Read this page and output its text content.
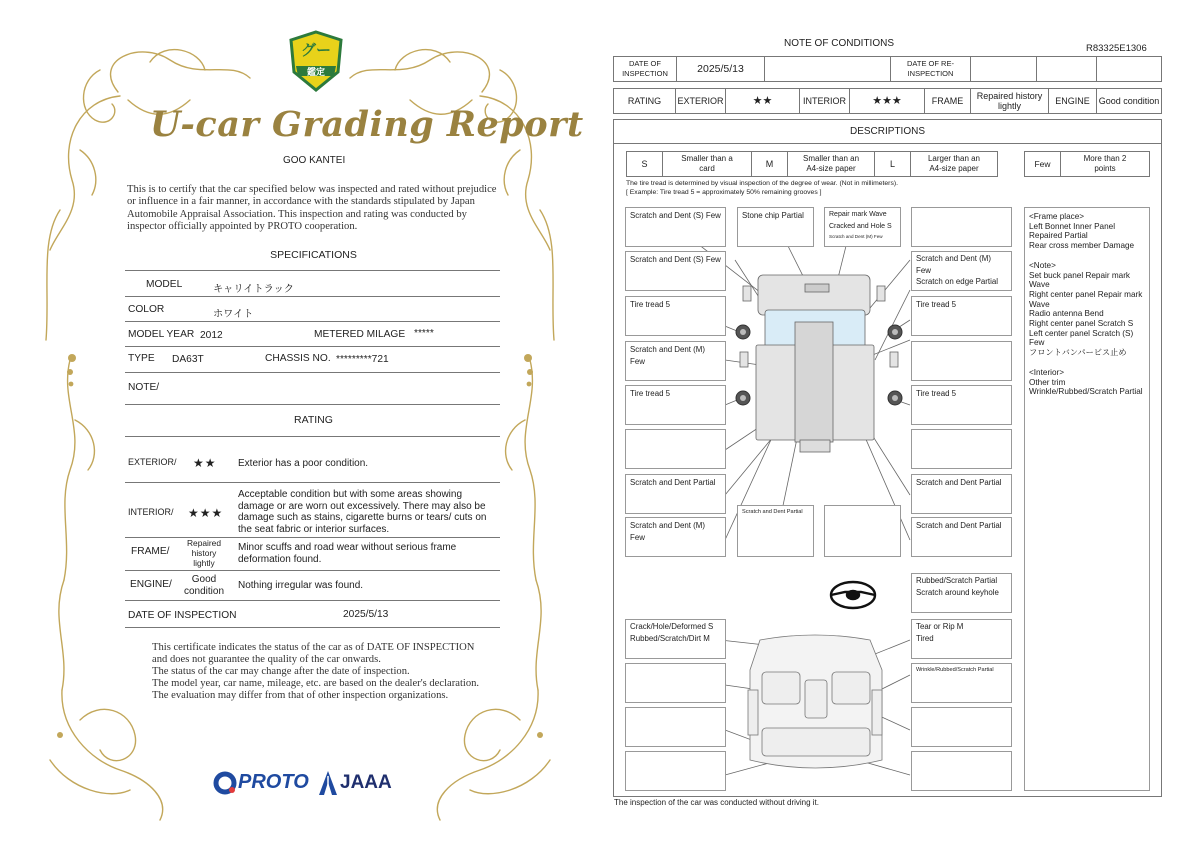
グー
鑑定
U-car Grading Report
GOO KANTEI
This is to certify that the car specified below was inspected and rated without prejudice or influence in a fair manner, in accordance with the standards stipulated by Japan Automobile Appraisal Association. This inspection and rating was conducted by inspector officially appointed by PROTO cooperation.
SPECIFICATIONS
MODEL	キャリイトラック
COLOR	ホワイト
MODEL YEAR 2012	METERED MILAGE *****
TYPE DA63T	CHASSIS NO. *********721
NOTE/
RATING
EXTERIOR/ ★★ Exterior has a poor condition.
INTERIOR/ ★★★
Acceptable condition but with some areas showing damage or are worn out excessively. There may also be damage such as stains, cigarette burns or tears/ cuts on the seat fabric or interior surfaces.
FRAME/
Repaired history lightly
Minor scuffs and road wear without serious frame deformation found.
ENGINE/	Good condition
Nothing irregular was found.
DATE OF INSPECTION	2025/5/13
This certificate indicates the status of the car as of DATE OF INSPECTION and does not guarantee the quality of the car onwards.
The status of the car may change after the date of inspection.
The model year, car name, mileage, etc. are based on the dealer's declaration.
The evaluation may differ from that of other inspection organizations.
PROTO JAAA
NOTE OF CONDITIONS	R83325E1306
DATE OF INSPECTION	2025/5/13		DATE OF RE-INSPECTION			
RATING	EXTERIOR	★★	INTERIOR	★★★	FRAME	Repaired history lightly	ENGINE	Good condition
DESCRIPTIONS
S	Smaller than a card	M	Smaller than an A4-size paper	L	Larger than an A4-size paper	Few	More than 2 points
The tire tread is determined by visual inspection of the degree of wear. (Not in millimeters).
[ Example: Tire tread 5 = approximately 50% remaining grooves ]
Scratch and Dent (S) Few	Stone chip Partial	Repair mark Wave
Cracked and Hole S
Scratch and Dent (M) Few
Scratch and Dent (S) Few	Scratch and Dent (M) Few
Scratch on edge Partial
Tire tread 5	Tire tread 5
Scratch and Dent (M) Few
Tire tread 5	Tire tread 5
Scratch and Dent Partial	Scratch and Dent Partial
Scratch and Dent (M) Few
Scratch and Dent Partial
Scratch and Dent Partial
Rubbed/Scratch Partial
Scratch around keyhole
Crack/Hole/Deformed S
Rubbed/Scratch/Dirt M
Tear or Rip M
Tired
Wrinkle/Rubbed/Scratch Partial
<Frame place>
Left Bonnet Inner Panel
Repaired Partial
Rear cross member Damage
<Note>
Set buck panel Repair mark Wave
Right center panel Repair mark Wave
Radio antenna Bend
Right center panel Scratch S
Left center panel Scratch (S) Few
フロントバンパービス止め
<Interior>
Other trim
Wrinkle/Rubbed/Scratch Partial
The inspection of the car was conducted without driving it.
